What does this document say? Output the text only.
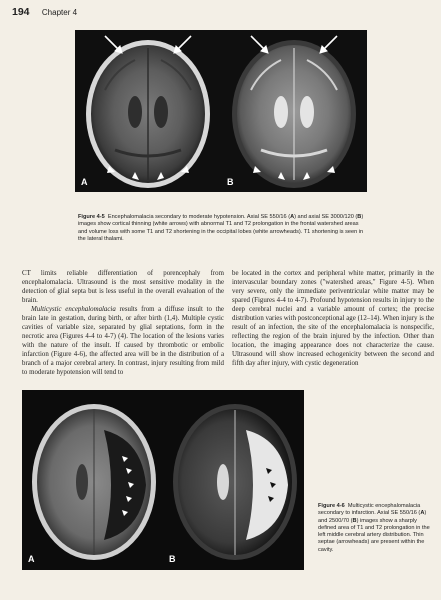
194 Chapter 4
A	B
Figure 4-5 Encephalomalacia secondary to moderate hypotension. Axial SE 550/16 (A) and axial SE 3000/120 (B) images show cortical thinning (white arrows) with abnormal T1 and T2 prolongation in the frontal watershed areas and volume loss with some T1 and T2 shortening in the occipital lobes (white arrowheads). T1 shortening is seen in the lateral thalami.

CT limits reliable differentiation of porencephaly from encephalomalacia. Ultrasound is the most sensitive modality in the detection of glial septa but is less useful in the overall evaluation of the brain.

Multicystic encephalomalacia results from a diffuse insult to the brain late in gestation, during birth, or after birth (1,4). Multiple cystic cavities of variable size, separated by glial septations, form in the necrotic area (Figures 4-4 to 4-7) (4). The location of the lesions varies with the nature of the insult. If caused by thrombotic or embolic infarction (Figure 4-6), the affected area will be in the distribution of a branch of a major cerebral artery. In contrast, injury resulting from mild to moderate hypotension will tend to

be located in the cortex and peripheral white matter, primarily in the intervascular boundary zones ("watershed areas," Figure 4-5). When very severe, only the immediate periventricular white matter may be spared (Figures 4-4 to 4-7). Profound hypotension results in injury to the deep cerebral nuclei and a variable amount of cortex; the precise distribution varies with postconceptional age (12–14). When injury is the result of an infection, the site of the encephalomalacia is nonspecific, reflecting the region of the brain injured by the infection. Other than location, the imaging appearance does not characterize the cause. Ultrasound will show increased echogenicity between the second and fifth day after injury, with cystic degeneration

A	B
Figure 4-6 Multicystic encephalomalacia secondary to infarction. Axial SE 550/16 (A) and 2500/70 (B) images show a sharply defined area of T1 and T2 prolongation in the left middle cerebral artery distribution. Thin septae (arrowheads) are present within the cavity.
